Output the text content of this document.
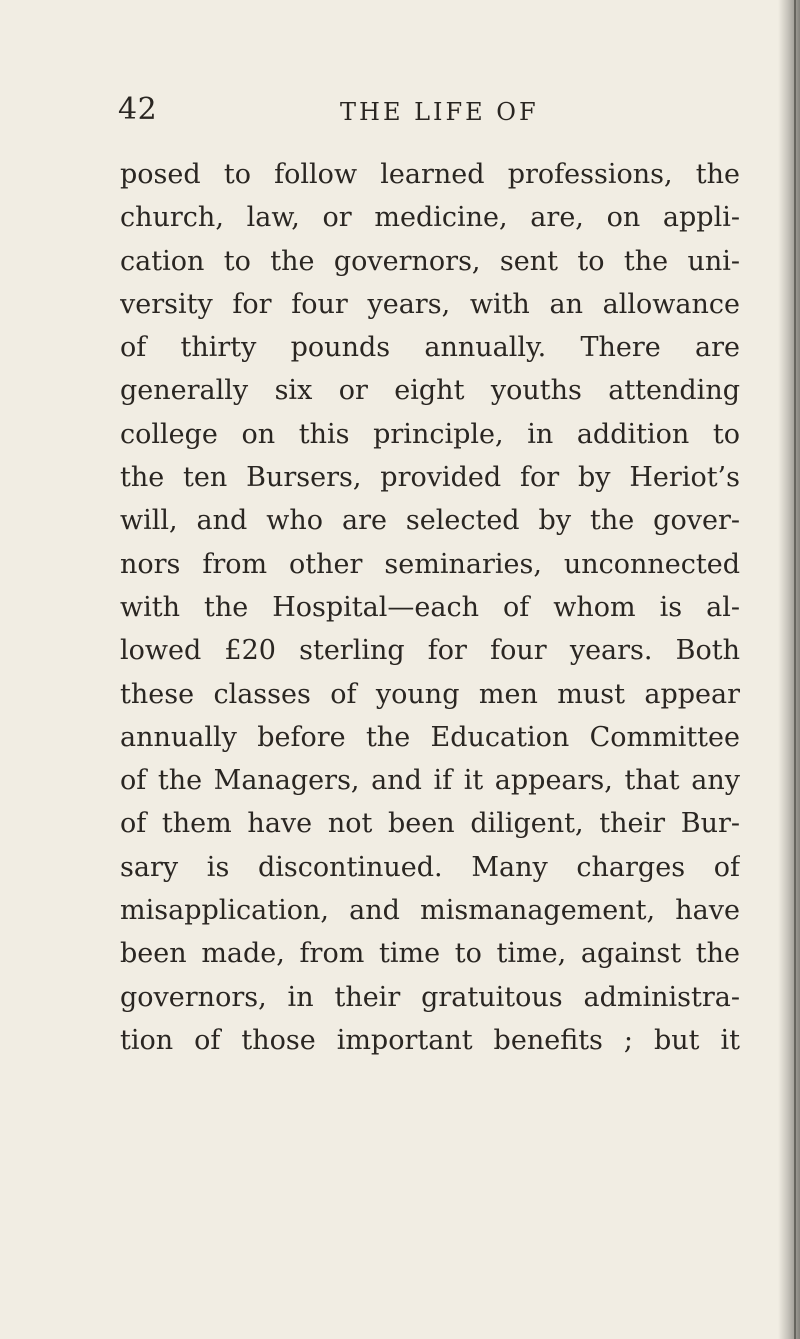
42	THE LIFE OF
posed to follow learned professions, the
church, law, or medicine, are, on appli-
cation to the governors, sent to the uni-
versity for four years, with an allowance
of thirty pounds annually. There are
generally six or eight youths attending
college on this principle, in addition to
the ten Bursers, provided for by Heriot’s
will, and who are selected by the gover-
nors from other seminaries, unconnected
with the Hospital—each of whom is al-
lowed £20 sterling for four years. Both
these classes of young men must appear
annually before the Education Committee
of the Managers, and if it appears, that any
of them have not been diligent, their Bur-
sary is discontinued. Many charges of
misapplication, and mismanagement, have
been made, from time to time, against the
governors, in their gratuitous administra-
tion of those important benefits ; but it
